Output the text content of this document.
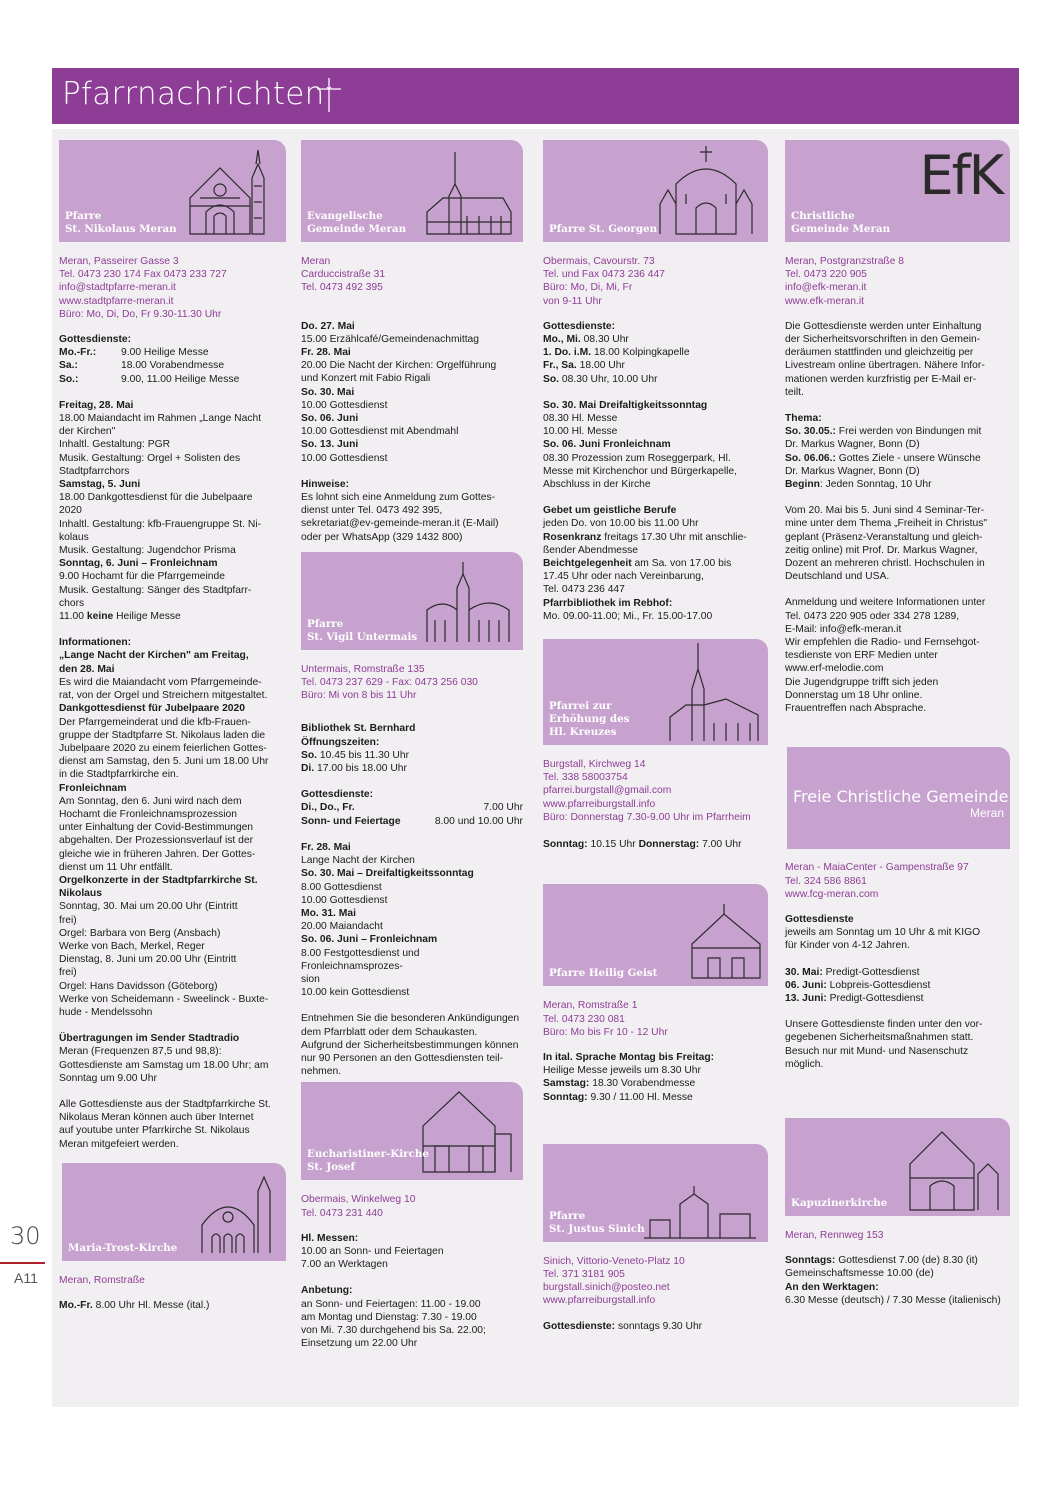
Pfarrnachrichten
30
A11
Pfarre
St. Nikolaus Meran
Meran, Passeirer Gasse 3
Tel. 0473 230 174 Fax 0473 233 727
info@stadtpfarre-meran.it
www.stadtpfarre-meran.it
Büro: Mo, Di, Do, Fr 9.30-11.30 Uhr
Gottesdienste:
Mo.-Fr.:	9.00 Heilige Messe
Sa.:	18.00 Vorabendmesse
So.:	9.00, 11.00 Heilige Messe
Freitag, 28. Mai
18.00 Maiandacht im Rahmen „Lange Nacht
der Kirchen"
Inhaltl. Gestaltung: PGR
Musik. Gestaltung: Orgel + Solisten des
Stadtpfarrchors
Samstag, 5. Juni
18.00 Dankgottesdienst für die Jubelpaare
2020
Inhaltl. Gestaltung: kfb-Frauengruppe St. Ni-
kolaus
Musik. Gestaltung: Jugendchor Prisma
Sonntag, 6. Juni – Fronleichnam
9.00 Hochamt für die Pfarrgemeinde
Musik. Gestaltung: Sänger des Stadtpfarr-
chors
11.00 keine Heilige Messe
Informationen:
„Lange Nacht der Kirchen" am Freitag,
den 28. Mai
Es wird die Maiandacht vom Pfarrgemeinde-
rat, von der Orgel und Streichern mitgestaltet.
Dankgottesdienst für Jubelpaare 2020
Der Pfarrgemeinderat und die kfb-Frauen-
gruppe der Stadtpfarre St. Nikolaus laden die
Jubelpaare 2020 zu einem feierlichen Gottes-
dienst am Samstag, den 5. Juni um 18.00 Uhr
in die Stadtpfarrkirche ein.
Fronleichnam
Am Sonntag, den 6. Juni wird nach dem
Hochamt die Fronleichnamsprozession
unter Einhaltung der Covid-Bestimmungen
abgehalten. Der Prozessionsverlauf ist der
gleiche wie in früheren Jahren. Der Gottes-
dienst um 11 Uhr entfällt.
Orgelkonzerte in der Stadtpfarrkirche St.
Nikolaus
Sonntag, 30. Mai um 20.00 Uhr (Eintritt
frei)
Orgel: Barbara von Berg (Ansbach)
Werke von Bach, Merkel, Reger
Dienstag, 8. Juni um 20.00 Uhr (Eintritt
frei)
Orgel: Hans Davidsson (Göteborg)
Werke von Scheidemann - Sweelinck - Buxte-
hude - Mendelssohn
Übertragungen im Sender Stadtradio
Meran (Frequenzen 87,5 und 98,8):
Gottesdienste am Samstag um 18.00 Uhr; am
Sonntag um 9.00 Uhr
Alle Gottesdienste aus der Stadtpfarrkirche St.
Nikolaus Meran können auch über Internet
auf youtube unter Pfarrkirche St. Nikolaus
Meran mitgefeiert werden.
Maria-Trost-Kirche
Meran, Romstraße
Mo.-Fr. 8.00 Uhr Hl. Messe (ital.)
Evangelische
Gemeinde Meran
Meran
Carduccistraße 31
Tel. 0473 492 395
Do. 27. Mai
15.00 Erzählcafé/Gemeindenachmittag
Fr. 28. Mai
20.00 Die Nacht der Kirchen: Orgelführung
und Konzert mit Fabio Rigali
So. 30. Mai
10.00 Gottesdienst
So. 06. Juni
10.00 Gottesdienst mit Abendmahl
So. 13. Juni
10.00 Gottesdienst
Hinweise:
Es lohnt sich eine Anmeldung zum Gottes-
dienst unter Tel. 0473 492 395,
sekretariat@ev-gemeinde-meran.it (E-Mail)
oder per WhatsApp (329 1432 800)
Pfarre
St. Vigil Untermais
Untermais, Romstraße 135
Tel. 0473 237 629 - Fax: 0473 256 030
Büro: Mi von 8 bis 11 Uhr
Bibliothek St. Bernhard
Öffnungszeiten:
So. 10.45 bis 11.30 Uhr
Di. 17.00 bis 18.00 Uhr
Gottesdienste:
Di., Do., Fr.	7.00 Uhr
Sonn- und Feiertage	8.00 und 10.00 Uhr
Fr. 28. Mai
Lange Nacht der Kirchen
So. 30. Mai – Dreifaltigkeitssonntag
8.00 Gottesdienst
10.00 Gottesdienst
Mo. 31. Mai
20.00 Maiandacht
So. 06. Juni – Fronleichnam
8.00 Festgottesdienst und Fronleichnamsprozes-
sion
10.00 kein Gottesdienst
Entnehmen Sie die besonderen Ankündigungen
dem Pfarrblatt oder dem Schaukasten.
Aufgrund der Sicherheitsbestimmungen können
nur 90 Personen an den Gottesdiensten teil-
nehmen.
Eucharistiner-Kirche
St. Josef
Obermais, Winkelweg 10
Tel. 0473 231 440
Hl. Messen:
10.00 an Sonn- und Feiertagen
7.00 an Werktagen
Anbetung:
an Sonn- und Feiertagen: 11.00 - 19.00
am Montag und Dienstag: 7.30 - 19.00
von Mi. 7.30 durchgehend bis Sa. 22.00;
Einsetzung um 22.00 Uhr
Pfarre St. Georgen
Obermais, Cavourstr. 73
Tel. und Fax 0473 236 447
Büro: Mo, Di, Mi, Fr
von 9-11 Uhr
Gottesdienste:
Mo., Mi. 08.30 Uhr
1. Do. i.M. 18.00 Kolpingkapelle
Fr., Sa. 18.00 Uhr
So. 08.30 Uhr, 10.00 Uhr
So. 30. Mai Dreifaltigkeitssonntag
08.30 Hl. Messe
10.00 Hl. Messe
So. 06. Juni Fronleichnam
08.30 Prozession zum Roseggerpark, Hl.
Messe mit Kirchenchor und Bürgerkapelle,
Abschluss in der Kirche
Gebet um geistliche Berufe
jeden Do. von 10.00 bis 11.00 Uhr
Rosenkranz freitags 17.30 Uhr mit anschlie-
ßender Abendmesse
Beichtgelegenheit am Sa. von 17.00 bis
17.45 Uhr oder nach Vereinbarung,
Tel. 0473 236 447
Pfarrbibliothek im Rebhof:
Mo. 09.00-11.00; Mi., Fr. 15.00-17.00
Pfarrei zur
Erhöhung des
Hl. Kreuzes
Burgstall, Kirchweg 14
Tel. 338 58003754
pfarrei.burgstall@gmail.com
www.pfarreiburgstall.info
Büro: Donnerstag 7.30-9.00 Uhr im Pfarrheim
Sonntag: 10.15 Uhr Donnerstag: 7.00 Uhr
Pfarre Heilig Geist
Meran, Romstraße 1
Tel. 0473 230 081
Büro: Mo bis Fr 10 - 12 Uhr
In ital. Sprache Montag bis Freitag:
Heilige Messe jeweils um 8.30 Uhr
Samstag: 18.30 Vorabendmesse
Sonntag: 9.30 / 11.00 Hl. Messe
Pfarre
St. Justus Sinich
Sinich, Vittorio-Veneto-Platz 10
Tel. 371 3181 905
burgstall.sinich@posteo.net
www.pfarreiburgstall.info
Gottesdienste: sonntags 9.30 Uhr
EfK
Christliche
Gemeinde Meran
Meran, Postgranzstraße 8
Tel. 0473 220 905
info@efk-meran.it
www.efk-meran.it
Die Gottesdienste werden unter Einhaltung
der Sicherheitsvorschriften in den Gemein-
deräumen stattfinden und gleichzeitig per
Livestream online übertragen. Nähere Infor-
mationen werden kurzfristig per E-Mail er-
teilt.
Thema:
So. 30.05.: Frei werden von Bindungen mit
Dr. Markus Wagner, Bonn (D)
So. 06.06.: Gottes Ziele - unsere Wünsche
Dr. Markus Wagner, Bonn (D)
Beginn: Jeden Sonntag, 10 Uhr
Vom 20. Mai bis 5. Juni sind 4 Seminar-Ter-
mine unter dem Thema „Freiheit in Christus"
geplant (Präsenz-Veranstaltung und gleich-
zeitig online) mit Prof. Dr. Markus Wagner,
Dozent an mehreren christl. Hochschulen in
Deutschland und USA.
Anmeldung und weitere Informationen unter
Tel. 0473 220 905 oder 334 278 1289,
E-Mail: info@efk-meran.it
Wir empfehlen die Radio- und Fernsehgot-
tesdienste von ERF Medien unter
www.erf-melodie.com
Die Jugendgruppe trifft sich jeden
Donnerstag um 18 Uhr online.
Frauentreffen nach Absprache.
Freie Christliche Gemeinde
Meran
Meran - MaiaCenter - Gampenstraße 97
Tel. 324 586 8861
www.fcg-meran.com
Gottesdienste
jeweils am Sonntag um 10 Uhr & mit KIGO
für Kinder von 4-12 Jahren.
30. Mai: Predigt-Gottesdienst
06. Juni: Lobpreis-Gottesdienst
13. Juni: Predigt-Gottesdienst
Unsere Gottesdienste finden unter den vor-
gegebenen Sicherheitsmaßnahmen statt.
Besuch nur mit Mund- und Nasenschutz
möglich.
Kapuzinerkirche
Meran, Rennweg 153
Sonntags: Gottesdienst 7.00 (de) 8.30 (it)
Gemeinschaftsmesse 10.00 (de)
An den Werktagen:
6.30 Messe (deutsch) / 7.30 Messe (italienisch)
